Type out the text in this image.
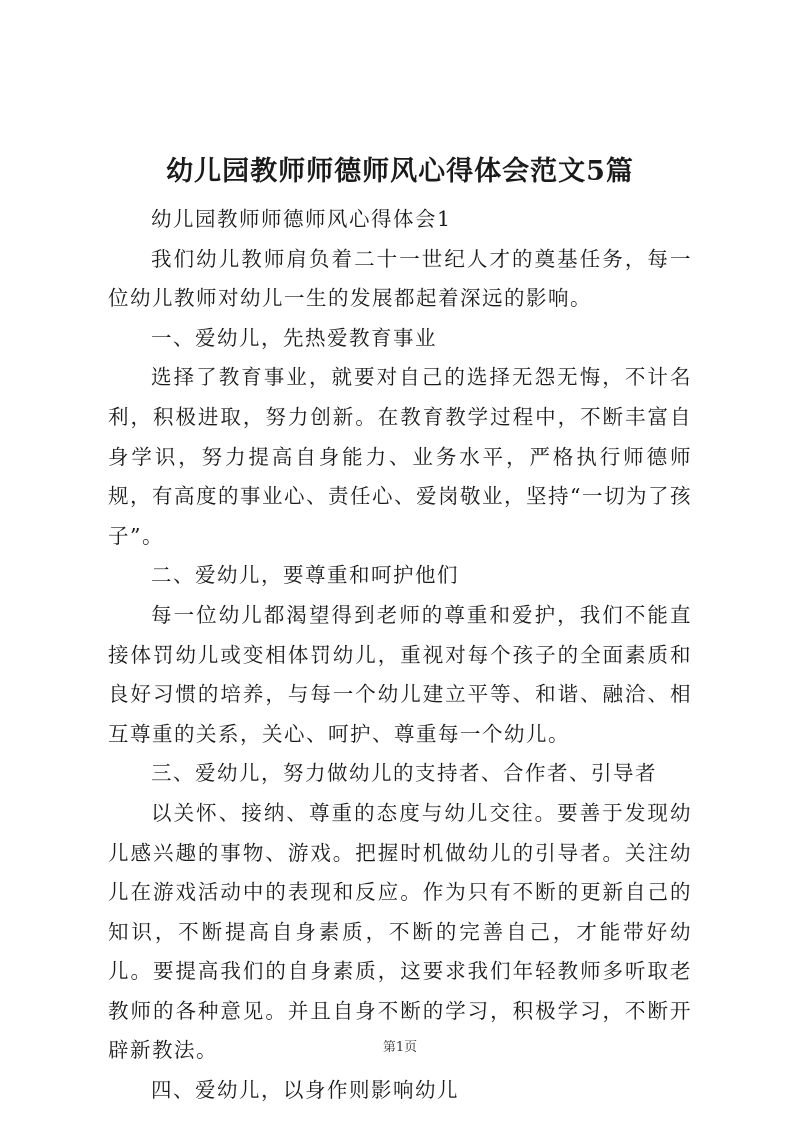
幼儿园教师师德师风心得体会范文5篇

幼儿园教师师德师风心得体会1

我们幼儿教师肩负着二十一世纪人才的奠基任务，每一位幼儿教师对幼儿一生的发展都起着深远的影响。

一、爱幼儿，先热爱教育事业

选择了教育事业，就要对自己的选择无怨无悔，不计名利，积极进取，努力创新。在教育教学过程中，不断丰富自身学识，努力提高自身能力、业务水平，严格执行师德师规，有高度的事业心、责任心、爱岗敬业，坚持“一切为了孩子”。

二、爱幼儿，要尊重和呵护他们

每一位幼儿都渴望得到老师的尊重和爱护，我们不能直接体罚幼儿或变相体罚幼儿，重视对每个孩子的全面素质和良好习惯的培养，与每一个幼儿建立平等、和谐、融洽、相互尊重的关系，关心、呵护、尊重每一个幼儿。

三、爱幼儿，努力做幼儿的支持者、合作者、引导者

以关怀、接纳、尊重的态度与幼儿交往。要善于发现幼儿感兴趣的事物、游戏。把握时机做幼儿的引导者。关注幼儿在游戏活动中的表现和反应。作为只有不断的更新自己的知识，不断提高自身素质，不断的完善自己，才能带好幼儿。要提高我们的自身素质，这要求我们年轻教师多听取老教师的各种意见。并且自身不断的学习，积极学习，不断开辟新教法。

四、爱幼儿，以身作则影响幼儿

第1页
